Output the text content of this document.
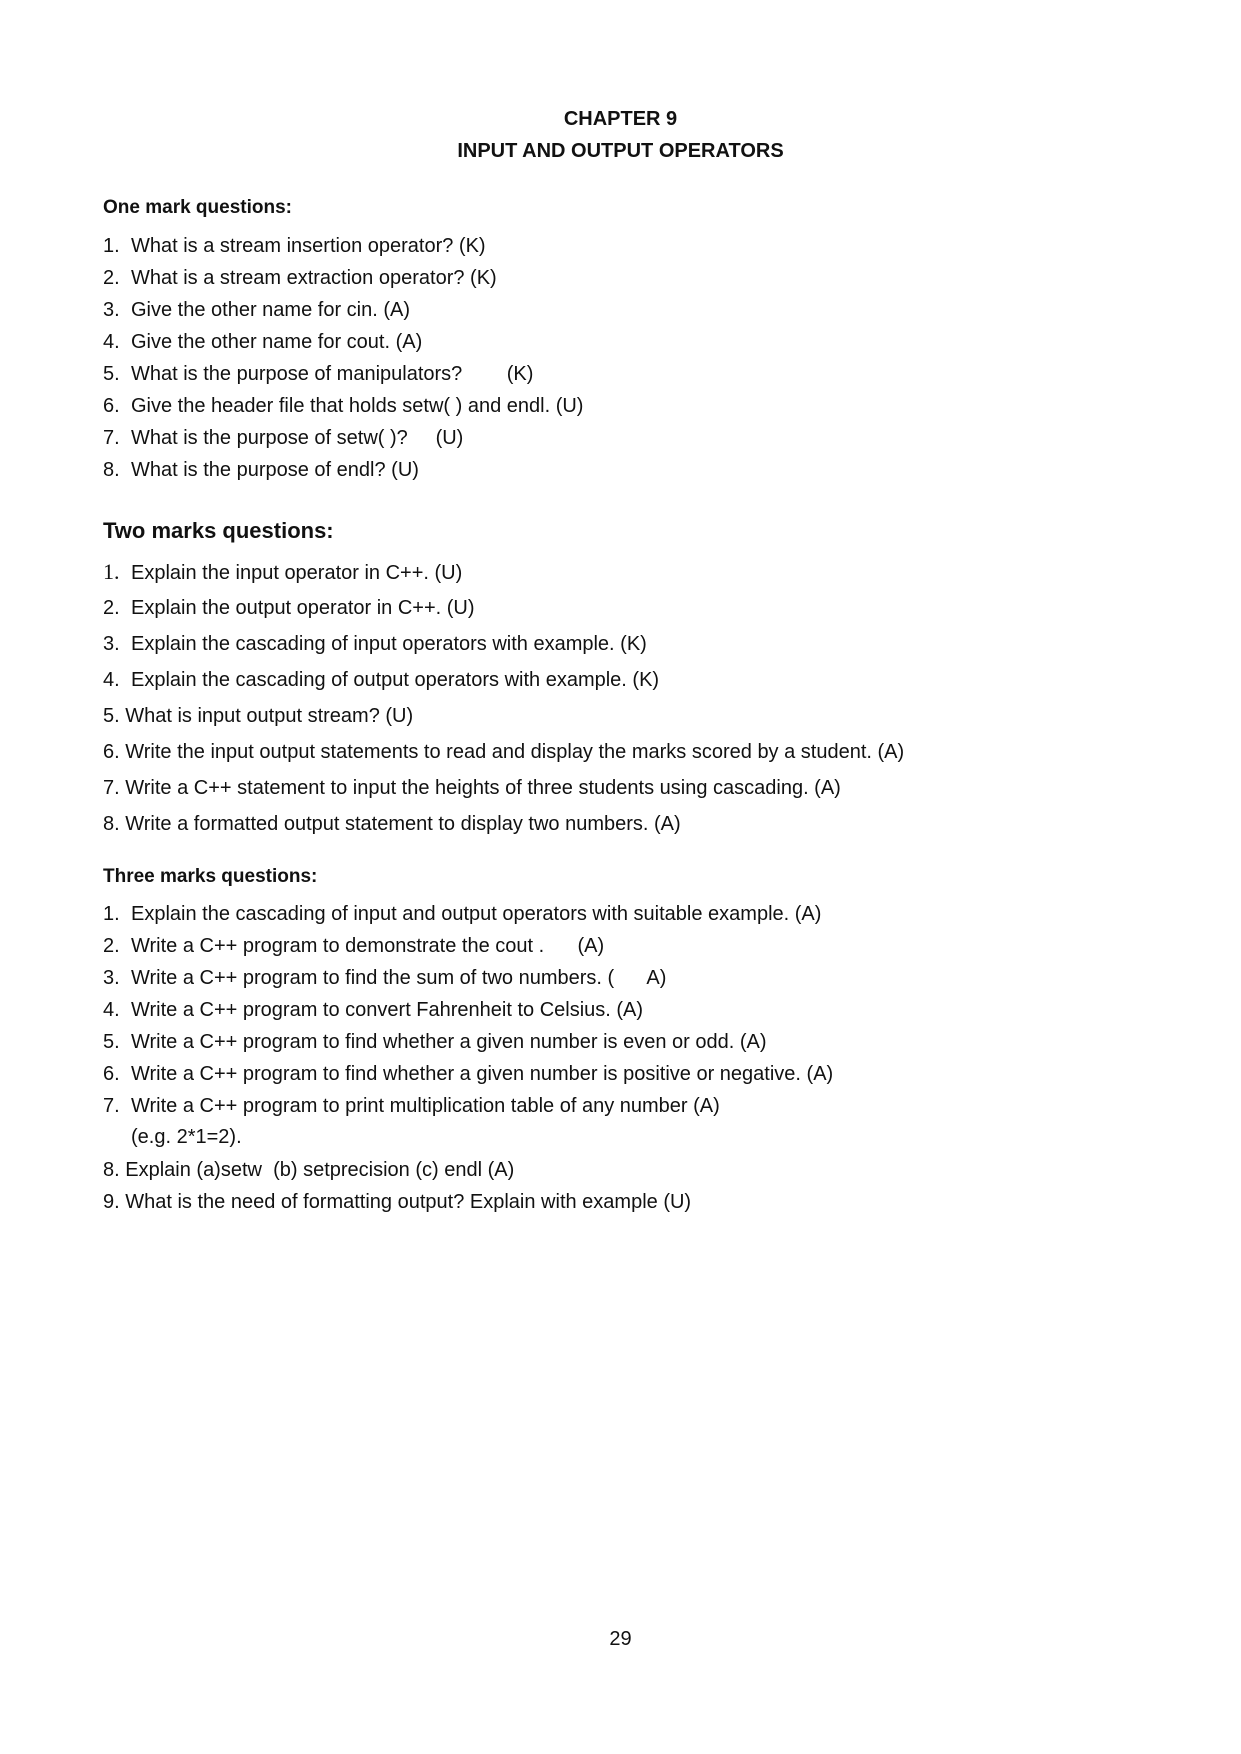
CHAPTER 9
INPUT AND OUTPUT OPERATORS
One mark questions:
1. What is a stream insertion operator? (K)
2. What is a stream extraction operator? (K)
3. Give the other name for cin. (A)
4. Give the other name for cout. (A)
5. What is the purpose of manipulators?        (K)
6. Give the header file that holds setw( ) and endl. (U)
7. What is the purpose of setw( )?     (U)
8. What is the purpose of endl? (U)
Two marks questions:
1. Explain the input operator in C++. (U)
2. Explain the output operator in C++. (U)
3. Explain the cascading of input operators with example. (K)
4. Explain the cascading of output operators with example. (K)
5. What is input output stream? (U)
6. Write the input output statements to read and display the marks scored by a student. (A)
7. Write a C++ statement to input the heights of three students using cascading. (A)
8. Write a formatted output statement to display two numbers. (A)
Three marks questions:
1. Explain the cascading of input and output operators with suitable example. (A)
2. Write a C++ program to demonstrate the cout .      (A)
3. Write a C++ program to find the sum of two numbers. (      A)
4. Write a C++ program to convert Fahrenheit to Celsius. (A)
5. Write a C++ program to find whether a given number is even or odd. (A)
6. Write a C++ program to find whether a given number is positive or negative. (A)
7. Write a C++ program to print multiplication table of any number (A)
(e.g. 2*1=2).
8. Explain (a)setw  (b) setprecision (c) endl (A)
9. What is the need of formatting output? Explain with example (U)
29
